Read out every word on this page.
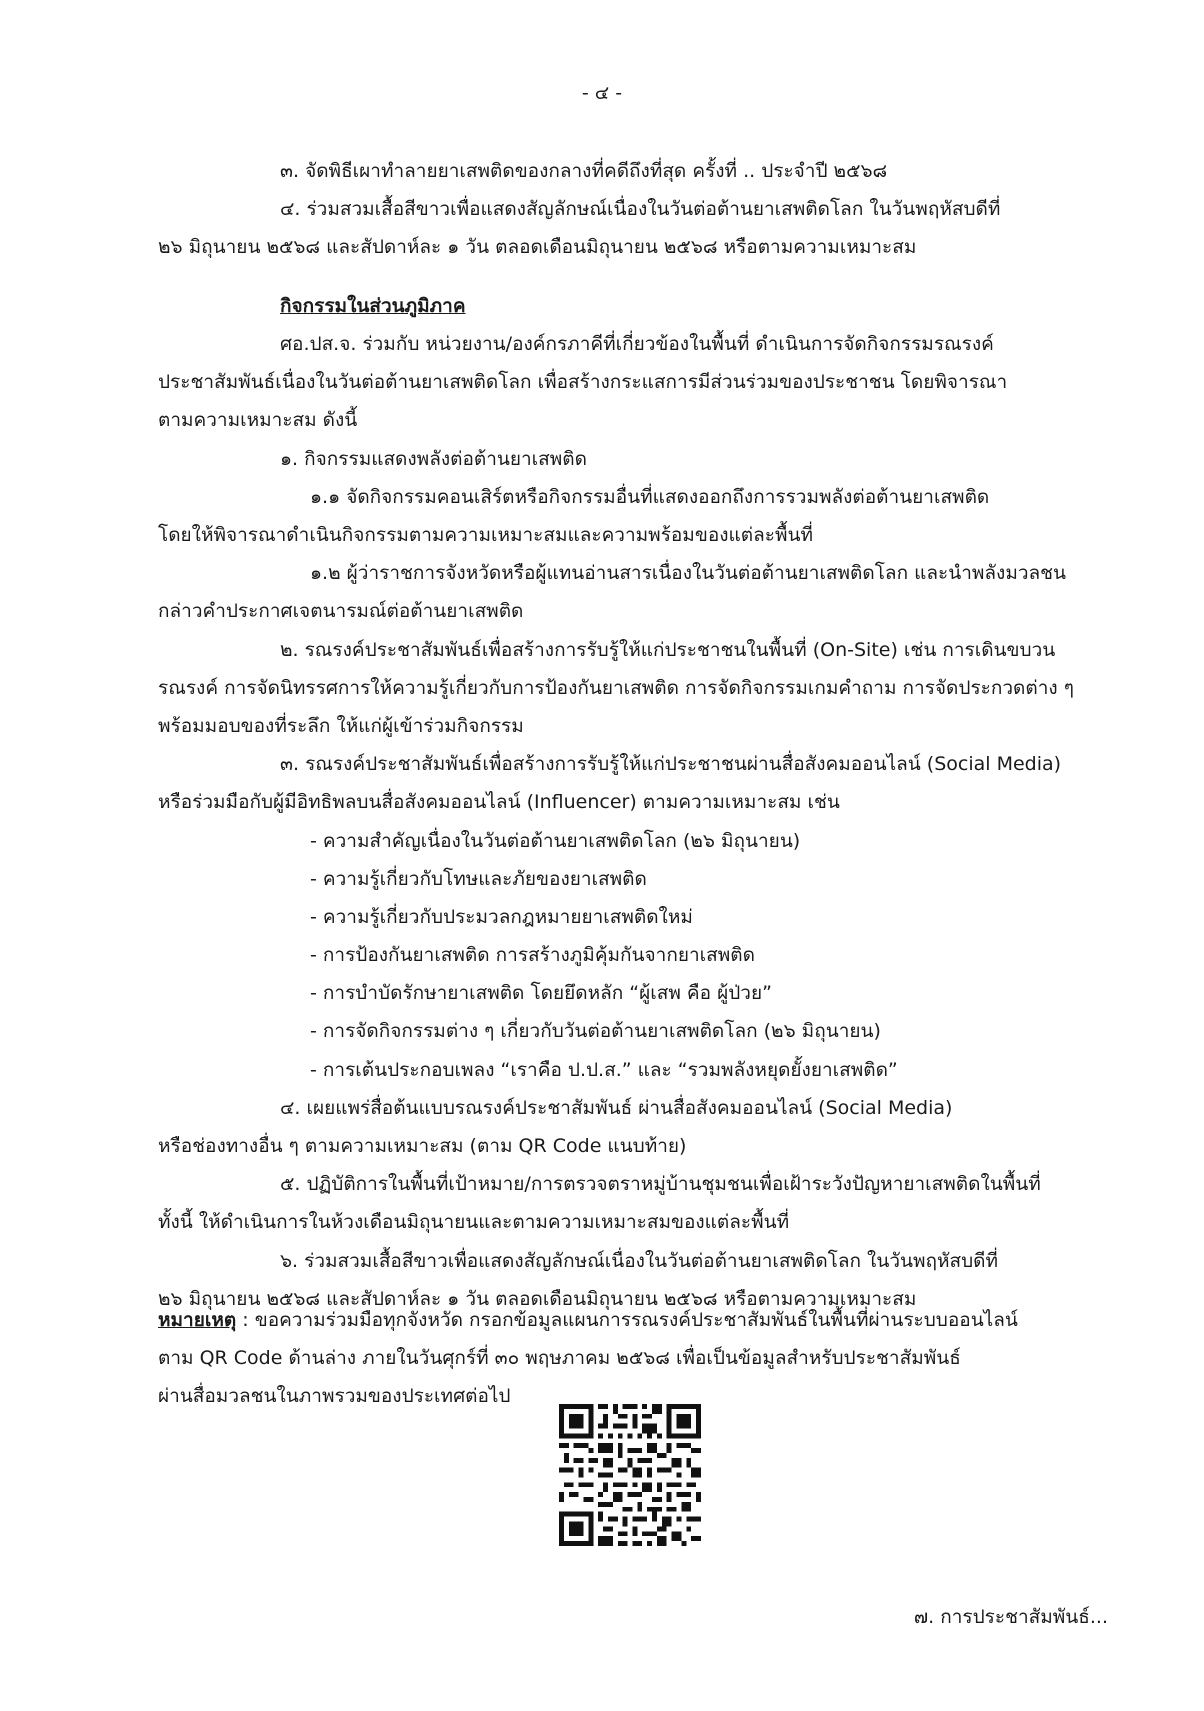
- ๔ -
๓. จัดพิธีเผาทำลายยาเสพติดของกลางที่คดีถึงที่สุด ครั้งที่ .. ประจำปี ๒๕๖๘
๔. ร่วมสวมเสื้อสีขาวเพื่อแสดงสัญลักษณ์เนื่องในวันต่อต้านยาเสพติดโลก ในวันพฤหัสบดีที่
๒๖ มิถุนายน ๒๕๖๘ และสัปดาห์ละ ๑ วัน ตลอดเดือนมิถุนายน ๒๕๖๘ หรือตามความเหมาะสม
กิจกรรมในส่วนภูมิภาค
ศอ.ปส.จ. ร่วมกับ หน่วยงาน/องค์กรภาคีที่เกี่ยวข้องในพื้นที่ ดำเนินการจัดกิจกรรมรณรงค์
ประชาสัมพันธ์เนื่องในวันต่อต้านยาเสพติดโลก เพื่อสร้างกระแสการมีส่วนร่วมของประชาชน โดยพิจารณา
ตามความเหมาะสม ดังนี้
๑. กิจกรรมแสดงพลังต่อต้านยาเสพติด
๑.๑ จัดกิจกรรมคอนเสิร์ตหรือกิจกรรมอื่นที่แสดงออกถึงการรวมพลังต่อต้านยาเสพติด
โดยให้พิจารณาดำเนินกิจกรรมตามความเหมาะสมและความพร้อมของแต่ละพื้นที่
๑.๒ ผู้ว่าราชการจังหวัดหรือผู้แทนอ่านสารเนื่องในวันต่อต้านยาเสพติดโลก และนำพลังมวลชน
กล่าวคำประกาศเจตนารมณ์ต่อต้านยาเสพติด
๒. รณรงค์ประชาสัมพันธ์เพื่อสร้างการรับรู้ให้แก่ประชาชนในพื้นที่ (On-Site) เช่น การเดินขบวน
รณรงค์ การจัดนิทรรศการให้ความรู้เกี่ยวกับการป้องกันยาเสพติด การจัดกิจกรรมเกมคำถาม การจัดประกวดต่าง ๆ
พร้อมมอบของที่ระลึก ให้แก่ผู้เข้าร่วมกิจกรรม
๓. รณรงค์ประชาสัมพันธ์เพื่อสร้างการรับรู้ให้แก่ประชาชนผ่านสื่อสังคมออนไลน์ (Social Media)
หรือร่วมมือกับผู้มีอิทธิพลบนสื่อสังคมออนไลน์ (Influencer) ตามความเหมาะสม เช่น
- ความสำคัญเนื่องในวันต่อต้านยาเสพติดโลก (๒๖ มิถุนายน)
- ความรู้เกี่ยวกับโทษและภัยของยาเสพติด
- ความรู้เกี่ยวกับประมวลกฎหมายยาเสพติดใหม่
- การป้องกันยาเสพติด การสร้างภูมิคุ้มกันจากยาเสพติด
- การบำบัดรักษายาเสพติด โดยยึดหลัก “ผู้เสพ คือ ผู้ป่วย”
- การจัดกิจกรรมต่าง ๆ เกี่ยวกับวันต่อต้านยาเสพติดโลก (๒๖ มิถุนายน)
- การเต้นประกอบเพลง “เราคือ ป.ป.ส.” และ “รวมพลังหยุดยั้งยาเสพติด”
๔. เผยแพร่สื่อต้นแบบรณรงค์ประชาสัมพันธ์ ผ่านสื่อสังคมออนไลน์ (Social Media)
หรือช่องทางอื่น ๆ ตามความเหมาะสม (ตาม QR Code แนบท้าย)
๕. ปฏิบัติการในพื้นที่เป้าหมาย/การตรวจตราหมู่บ้านชุมชนเพื่อเฝ้าระวังปัญหายาเสพติดในพื้นที่
ทั้งนี้ ให้ดำเนินการในห้วงเดือนมิถุนายนและตามความเหมาะสมของแต่ละพื้นที่
๖. ร่วมสวมเสื้อสีขาวเพื่อแสดงสัญลักษณ์เนื่องในวันต่อต้านยาเสพติดโลก ในวันพฤหัสบดีที่
๒๖ มิถุนายน ๒๕๖๘ และสัปดาห์ละ ๑ วัน ตลอดเดือนมิถุนายน ๒๕๖๘ หรือตามความเหมาะสม
หมายเหตุ : ขอความร่วมมือทุกจังหวัด กรอกข้อมูลแผนการรณรงค์ประชาสัมพันธ์ในพื้นที่ผ่านระบบออนไลน์
ตาม QR Code ด้านล่าง ภายในวันศุกร์ที่ ๓๐ พฤษภาคม ๒๕๖๘ เพื่อเป็นข้อมูลสำหรับประชาสัมพันธ์
ผ่านสื่อมวลชนในภาพรวมของประเทศต่อไป
๗. การประชาสัมพันธ์...
